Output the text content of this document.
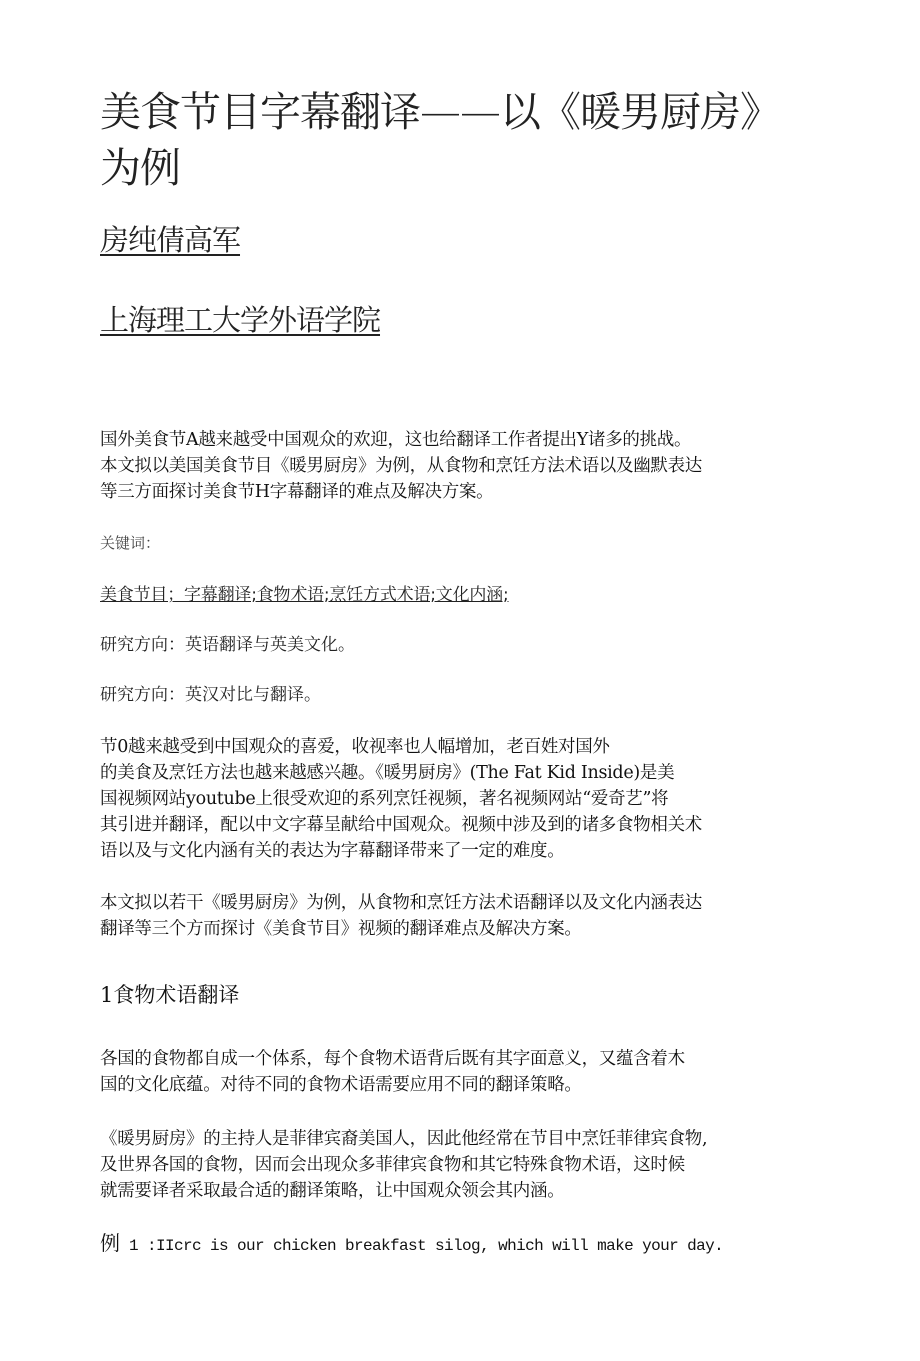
美食节目字幕翻译——以《暖男厨房》
为例
房纯倩高军
上海理工大学外语学院
国外美食节A越来越受中国观众的欢迎，这也给翻译工作者提出Y诸多的挑战。
本文拟以美国美食节目《暖男厨房》为例，从食物和烹饪方法术语以及幽默表达
等三方面探讨美食节H字幕翻译的难点及解决方案。
关键词：
美食节目；字幕翻译;食物术语;烹饪方式术语;文化内涵;
研究方向：英语翻译与英美文化。
研究方向：英汉对比与翻译。
节0越来越受到中国观众的喜爱，收视率也人幅增加，老百姓对国外
的美食及烹饪方法也越来越感兴趣。《暖男厨房》(The Fat Kid Inside)是美
国视频网站youtube上很受欢迎的系列烹饪视频，著名视频网站“爱奇艺”将
其引进并翻译，配以中文字幕呈献给中国观众。视频中涉及到的诸多食物相关术
语以及与文化内涵有关的表达为字幕翻译带来了一定的难度。
本文拟以若干《暖男厨房》为例，从食物和烹饪方法术语翻译以及文化内涵表达
翻译等三个方而探讨《美食节目》视频的翻译难点及解决方案。
1食物术语翻译
各国的食物都自成一个体系，每个食物术语背后既有其字面意义，又蕴含着木
国的文化底蕴。对待不同的食物术语需要应用不同的翻译策略。
《暖男厨房》的主持人是菲律宾裔美国人，因此他经常在节目中烹饪菲律宾食物,
及世界各国的食物，因而会出现众多菲律宾食物和其它特殊食物术语，这时候
就需要译者采取最合适的翻译策略，让中国观众领会其内涵。
例 1 :IIcrc is our chicken breakfast silog, which will make your day.
